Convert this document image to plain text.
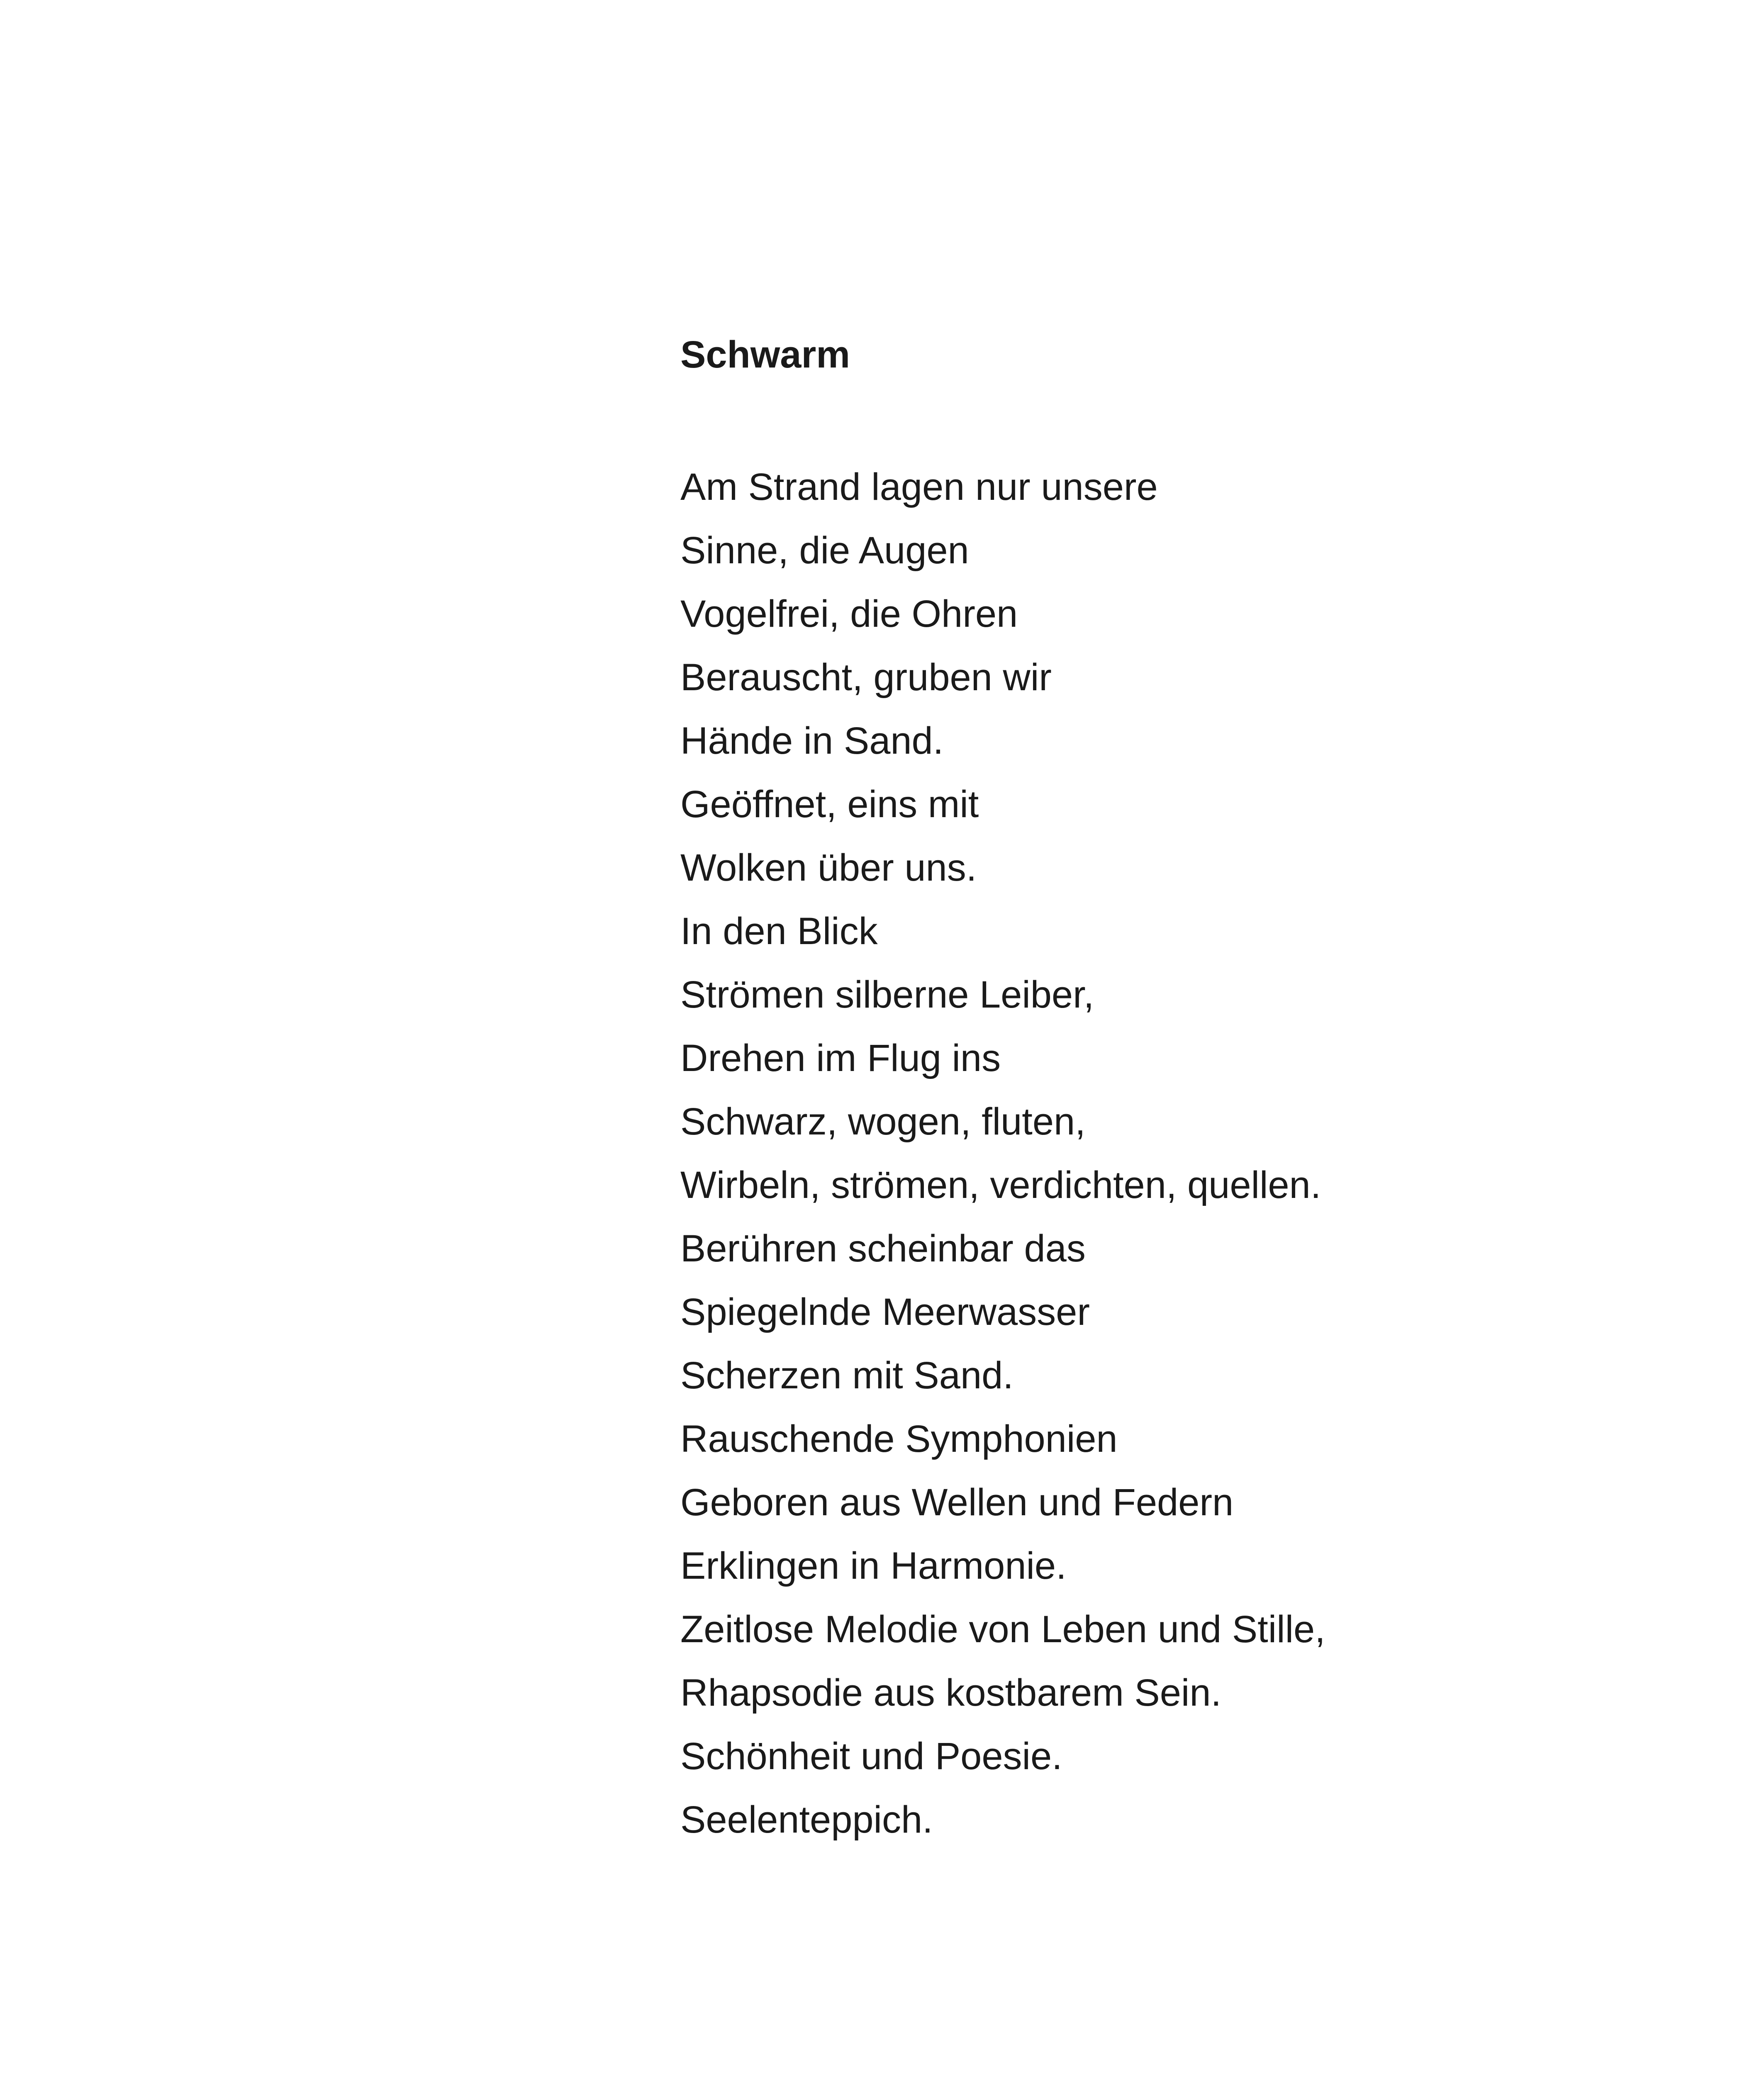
Schwarm
Am Strand lagen nur unsere
Sinne, die Augen
Vogelfrei, die Ohren
Berauscht, gruben wir
Hände in Sand.
Geöffnet, eins mit
Wolken über uns.
In den Blick
Strömen silberne Leiber,
Drehen im Flug ins
Schwarz, wogen, fluten,
Wirbeln, strömen, verdichten, quellen.
Berühren scheinbar das
Spiegelnde Meerwasser
Scherzen mit Sand.
Rauschende Symphonien
Geboren aus Wellen und Federn
Erklingen in Harmonie.
Zeitlose Melodie von Leben und Stille,
Rhapsodie aus kostbarem Sein.
Schönheit und Poesie.
Seelenteppich.
